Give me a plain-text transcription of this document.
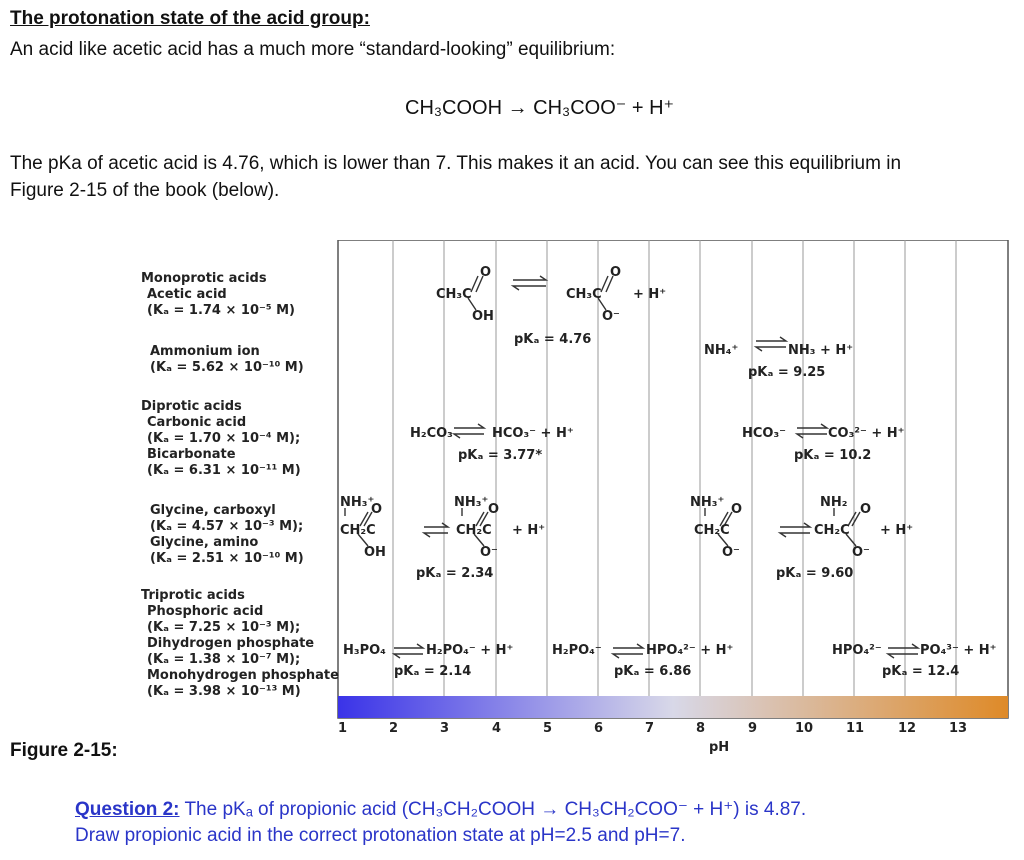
The protonation state of the acid group:
An acid like acetic acid has a much more “standard-looking” equilibrium:
CH₃COOH → CH₃COO⁻ + H⁺
The pKa of acetic acid is 4.76, which is lower than 7. This makes it an acid. You can see this equilibrium in
Figure 2-15 of the book (below).
Monoprotic acids
Acetic acid
(Kₐ = 1.74 × 10⁻⁵ M)
Ammonium ion
(Kₐ = 5.62 × 10⁻¹⁰ M)
Diprotic acids
Carbonic acid
(Kₐ = 1.70 × 10⁻⁴ M);
Bicarbonate
(Kₐ = 6.31 × 10⁻¹¹ M)
Glycine, carboxyl
(Kₐ = 4.57 × 10⁻³ M);
Glycine, amino
(Kₐ = 2.51 × 10⁻¹⁰ M)
Triprotic acids
Phosphoric acid
(Kₐ = 7.25 × 10⁻³ M);
Dihydrogen phosphate
(Kₐ = 1.38 × 10⁻⁷ M);
Monohydrogen phosphate
(Kₐ = 3.98 × 10⁻¹³ M)
CH₃C
O
OH
CH₃C
O
O⁻
+ H⁺
pKₐ = 4.76
NH₄⁺	NH₃ + H⁺
pKₐ = 9.25
H₂CO₃	HCO₃⁻ + H⁺
pKₐ = 3.77*
HCO₃⁻	CO₃²⁻ + H⁺
pKₐ = 10.2
NH₃⁺
CH₂C
O
OH
NH₃⁺
CH₂C
O
O⁻
+ H⁺
pKₐ = 2.34
NH₃⁺
CH₂C
O
O⁻
NH₂
CH₂C
O
O⁻
+ H⁺
pKₐ = 9.60
H₃PO₄	H₂PO₄⁻ + H⁺
pKₐ = 2.14
H₂PO₄⁻	HPO₄²⁻ + H⁺
pKₐ = 6.86
HPO₄²⁻	PO₄³⁻ + H⁺
pKₐ = 12.4
1	2	3	4	5	6	7	8	9	10	11	12	13
pH
Figure 2-15:
Question 2: The pKₐ of propionic acid (CH₃CH₂COOH → CH₃CH₂COO⁻ + H⁺) is 4.87.
Draw propionic acid in the correct protonation state at pH=2.5 and pH=7.
